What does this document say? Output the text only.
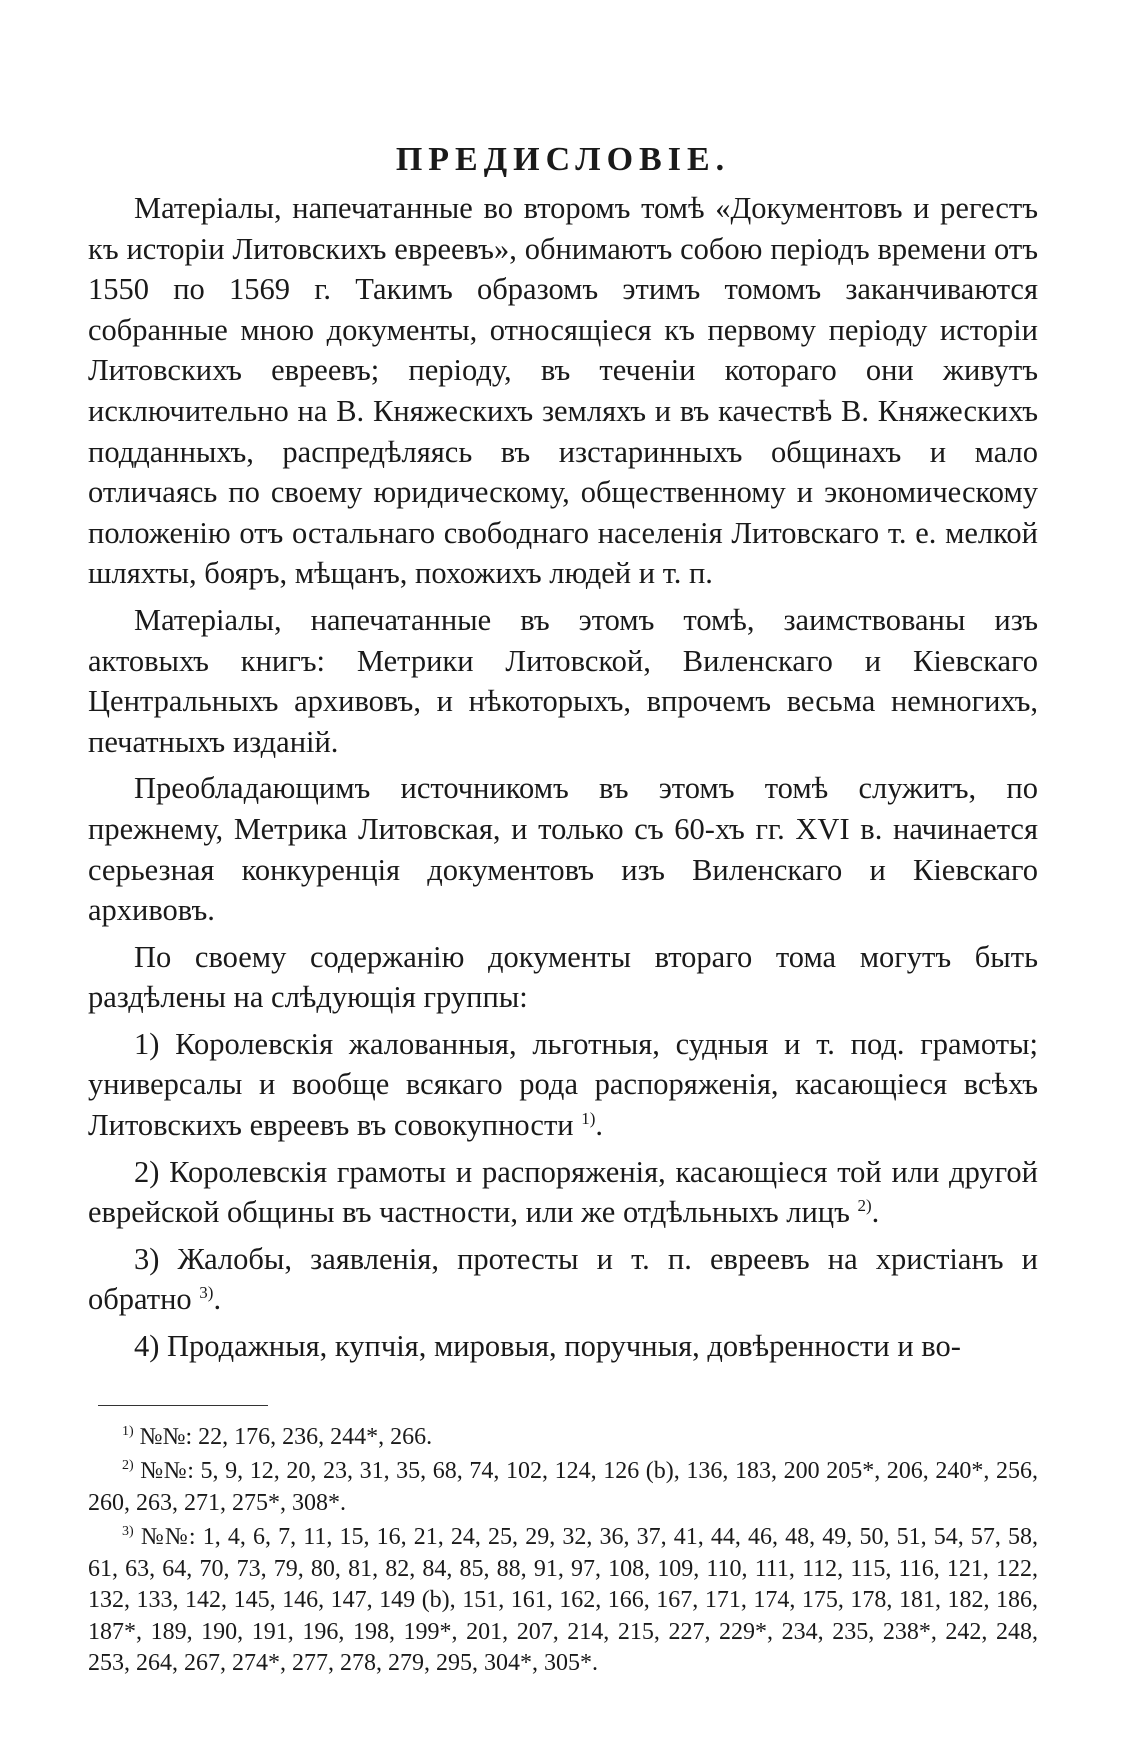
ПРЕДИСЛОВІЕ.

Матеріалы, напечатанные во второмъ томѣ «Документовъ и регестъ къ исторіи Литовскихъ евреевъ», обнимаютъ собою періодъ времени отъ 1550 по 1569 г. Такимъ образомъ этимъ томомъ заканчиваются собранные мною документы, относящіеся къ первому періоду исторіи Литовскихъ евреевъ; періоду, въ теченіи котораго они живутъ исключительно на В. Княжескихъ земляхъ и въ качествѣ В. Княжескихъ подданныхъ, распредѣляясь въ изстаринныхъ общинахъ и мало отличаясь по своему юридическому, общественному и экономическому положенію отъ остальнаго свободнаго населенія Литовскаго т. е. мелкой шляхты, бояръ, мѣщанъ, похожихъ людей и т. п.

Матеріалы, напечатанные въ этомъ томѣ, заимствованы изъ актовыхъ книгъ: Метрики Литовской, Виленскаго и Кіевскаго Центральныхъ архивовъ, и нѣкоторыхъ, впрочемъ весьма немногихъ, печатныхъ изданій.

Преобладающимъ источникомъ въ этомъ томѣ служитъ, по прежнему, Метрика Литовская, и только съ 60-хъ гг. XVI в. начинается серьезная конкуренція документовъ изъ Виленскаго и Кіевскаго архивовъ.

По своему содержанію документы втораго тома могутъ быть раздѣлены на слѣдующія группы:

1) Королевскія жалованныя, льготныя, судныя и т. под. грамоты; универсалы и вообще всякаго рода распоряженія, касающіеся всѣхъ Литовскихъ евреевъ въ совокупности $^{1)}$.

2) Королевскія грамоты и распоряженія, касающіеся той или другой еврейской общины въ частности, или же отдѣльныхъ лицъ $^{2)}$.

3) Жалобы, заявленія, протесты и т. п. евреевъ на христіанъ и обратно $^{3)}$.

4) Продажныя, купчія, мировыя, поручныя, довѣренности и во-

$^{1)}$ №№: 22, 176, 236, 244*, 266.

$^{2)}$ №№: 5, 9, 12, 20, 23, 31, 35, 68, 74, 102, 124, 126 (b), 136, 183, 200 205*, 206, 240*, 256, 260, 263, 271, 275*, 308*.

$^{3)}$ №№: 1, 4, 6, 7, 11, 15, 16, 21, 24, 25, 29, 32, 36, 37, 41, 44, 46, 48, 49, 50, 51, 54, 57, 58, 61, 63, 64, 70, 73, 79, 80, 81, 82, 84, 85, 88, 91, 97, 108, 109, 110, 111, 112, 115, 116, 121, 122, 132, 133, 142, 145, 146, 147, 149 (b), 151, 161, 162, 166, 167, 171, 174, 175, 178, 181, 182, 186, 187*, 189, 190, 191, 196, 198, 199*, 201, 207, 214, 215, 227, 229*, 234, 235, 238*, 242, 248, 253, 264, 267, 274*, 277, 278, 279, 295, 304*, 305*.
